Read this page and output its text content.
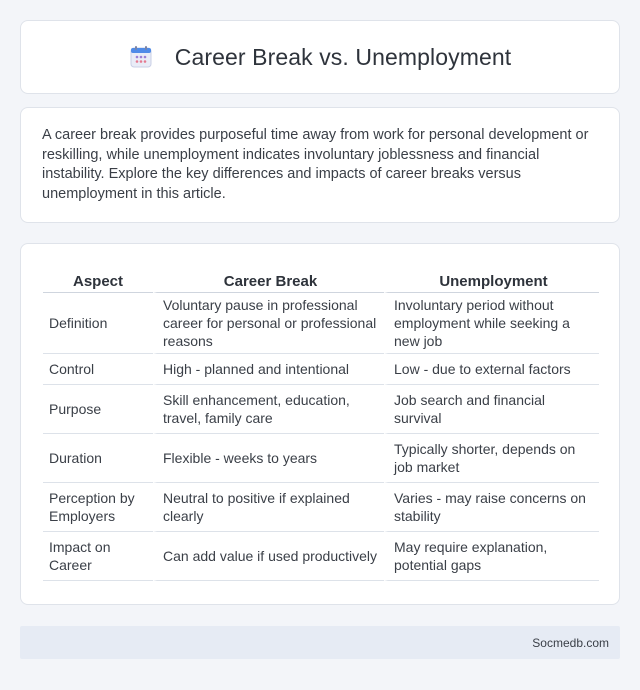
Career Break vs. Unemployment

A career break provides purposeful time away from work for personal development or reskilling, while unemployment indicates involuntary joblessness and financial instability. Explore the key differences and impacts of career breaks versus unemployment in this article.

Aspect	Career Break	Unemployment
Definition	Voluntary pause in professional career for personal or professional reasons	Involuntary period without employment while seeking a new job
Control	High - planned and intentional	Low - due to external factors
Purpose	Skill enhancement, education, travel, family care	Job search and financial survival
Duration	Flexible - weeks to years	Typically shorter, depends on job market
Perception by Employers	Neutral to positive if explained clearly	Varies - may raise concerns on stability
Impact on Career	Can add value if used productively	May require explanation, potential gaps
Socmedb.com
